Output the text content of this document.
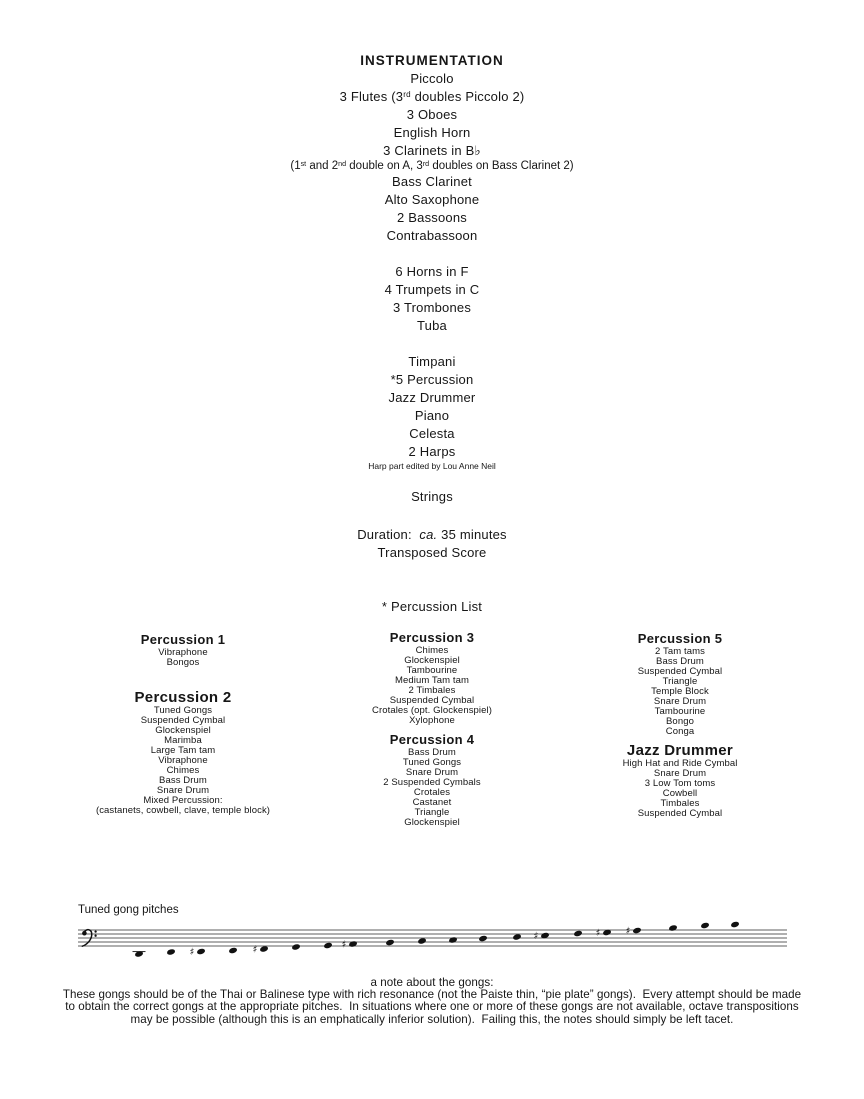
INSTRUMENTATION
Piccolo
3 Flutes (3rd doubles Piccolo 2)
3 Oboes
English Horn
3 Clarinets in B♭
(1st and 2nd double on A, 3rd doubles on Bass Clarinet 2)
Bass Clarinet
Alto Saxophone
2 Bassoons
Contrabassoon
6 Horns in F
4 Trumpets in C
3 Trombones
Tuba
Timpani
*5 Percussion
Jazz Drummer
Piano
Celesta
2 Harps
Harp part edited by Lou Anne Neil
Strings
Duration:  ca. 35 minutes
Transposed Score
* Percussion List
Percussion 1
Vibraphone
Bongos
Percussion 2
Tuned Gongs
Suspended Cymbal
Glockenspiel
Marimba
Large Tam tam
Vibraphone
Chimes
Bass Drum
Snare Drum
Mixed Percussion:
(castanets, cowbell, clave, temple block)
Percussion 3
Chimes
Glockenspiel
Tambourine
Medium Tam tam
2 Timbales
Suspended Cymbal
Crotales (opt. Glockenspiel)
Xylophone
Percussion 4
Bass Drum
Tuned Gongs
Snare Drum
2 Suspended Cymbals
Crotales
Castanet
Triangle
Glockenspiel
Percussion 5
2 Tam tams
Bass Drum
Suspended Cymbal
Triangle
Temple Block
Snare Drum
Tambourine
Bongo
Conga
Jazz Drummer
High Hat and Ride Cymbal
Snare Drum
3 Low Tom toms
Cowbell
Timbales
Suspended Cymbal
Tuned gong pitches
♯	♯	♯
♯	♯	♯
a note about the gongs:
These gongs should be of the Thai or Balinese type with rich resonance (not the Paiste thin, “pie plate” gongs).  Every attempt should be made
to obtain the correct gongs at the appropriate pitches.  In situations where one or more of these gongs are not available, octave transpositions
may be possible (although this is an emphatically inferior solution).  Failing this, the notes should simply be left tacet.
